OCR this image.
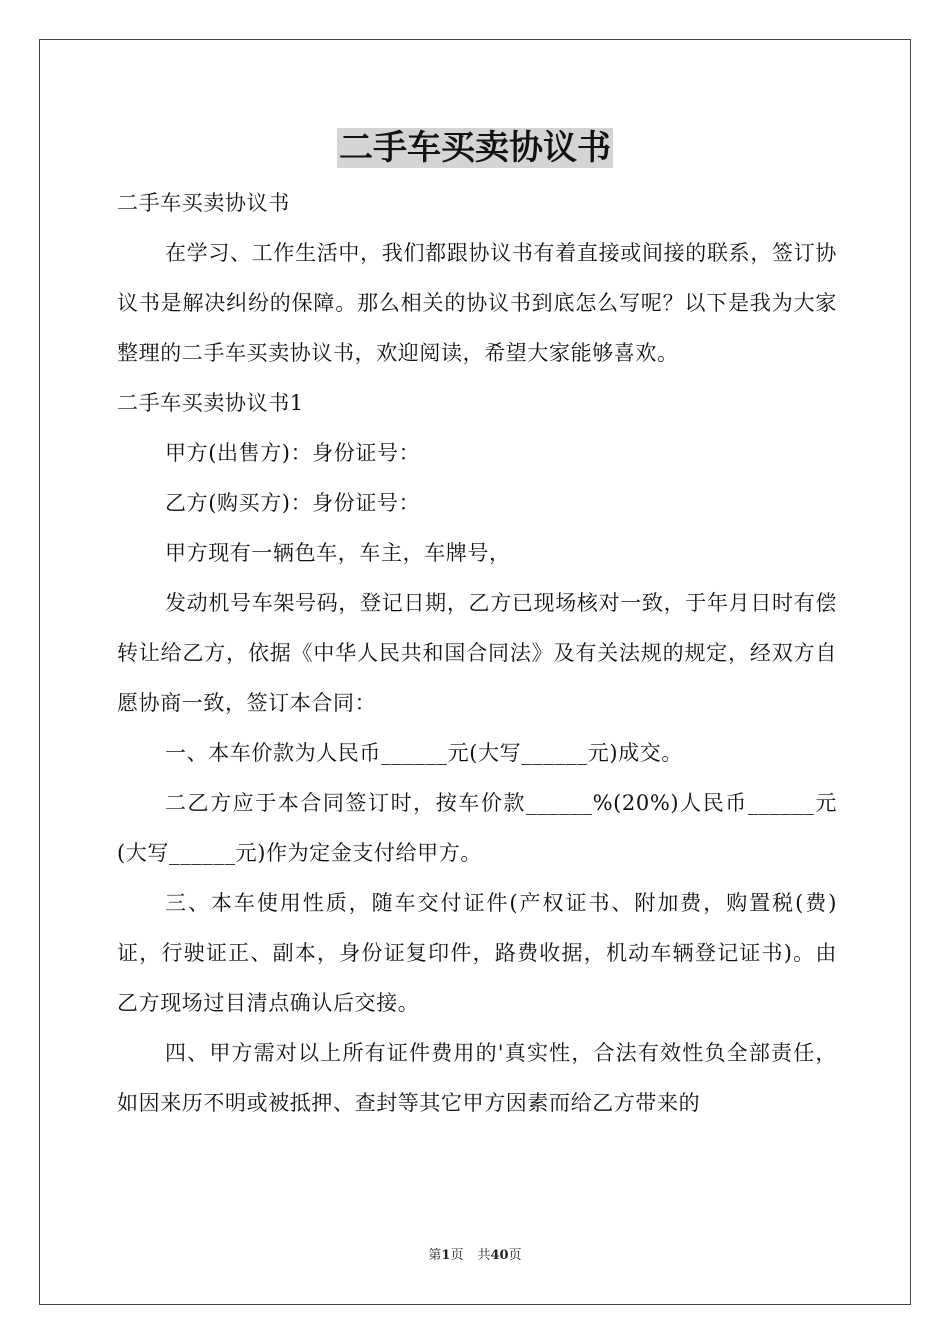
二手车买卖协议书

二手车买卖协议书

在学习、工作生活中，我们都跟协议书有着直接或间接的联系，签订协议书是解决纠纷的保障。那么相关的协议书到底怎么写呢？以下是我为大家整理的二手车买卖协议书，欢迎阅读，希望大家能够喜欢。

二手车买卖协议书1

甲方(出售方)：身份证号：

乙方(购买方)：身份证号：

甲方现有一辆色车，车主，车牌号，

发动机号车架号码，登记日期，乙方已现场核对一致，于年月日时有偿转让给乙方，依据《中华人民共和国合同法》及有关法规的规定，经双方自愿协商一致，签订本合同：

一、本车价款为人民币______元(大写______元)成交。

二乙方应于本合同签订时，按车价款______%(20%)人民币______元(大写______元)作为定金支付给甲方。

三、本车使用性质，随车交付证件(产权证书、附加费，购置税(费)证，行驶证正、副本，身份证复印件，路费收据，机动车辆登记证书)。由乙方现场过目清点确认后交接。

四、甲方需对以上所有证件费用的'真实性，合法有效性负全部责任，如因来历不明或被抵押、查封等其它甲方因素而给乙方带来的

第1页 共40页
